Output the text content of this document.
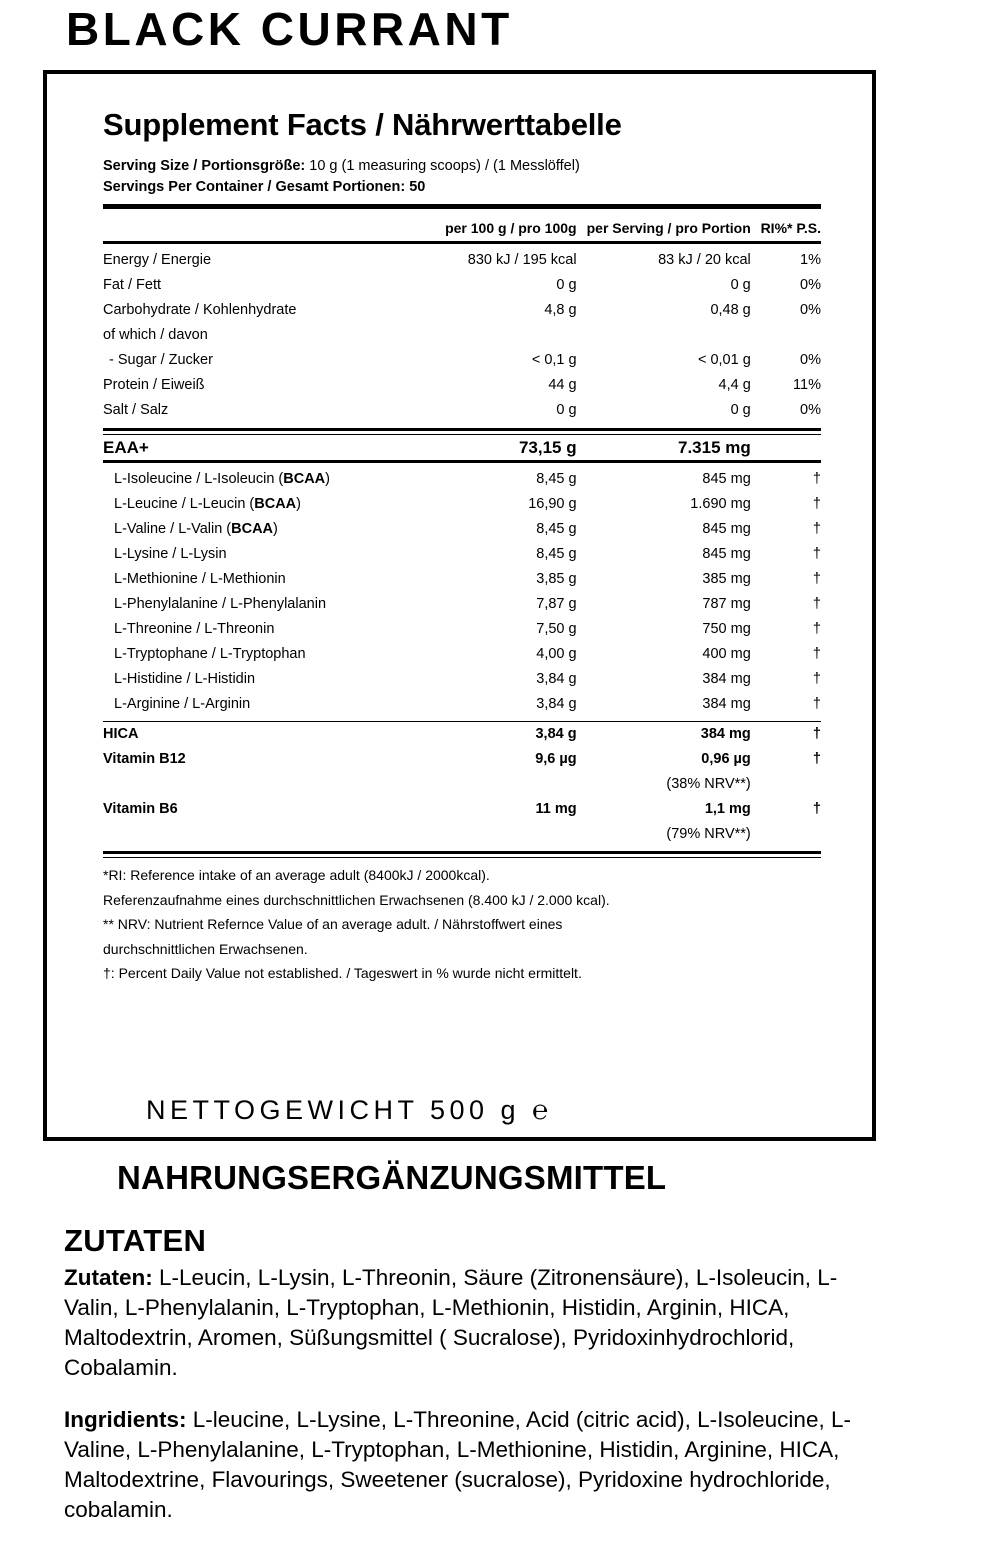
BLACK CURRANT
Supplement Facts / Nährwerttabelle
Serving Size / Portionsgröße: 10 g (1 measuring scoops) / (1 Messlöffel)
Servings Per Container / Gesamt Portionen: 50
	per 100 g / pro 100g	per Serving / pro Portion	RI%* P.S.

Energy / Energie	830 kJ / 195 kcal	83 kJ / 20 kcal	1%
Fat / Fett	0 g	0 g	0%
Carbohydrate / Kohlenhydrate	4,8 g	0,48 g	0%
of which / davon			
- Sugar / Zucker	< 0,1 g	< 0,01 g	0%
Protein / Eiweiß	44 g	4,4 g	11%
Salt / Salz	0 g	0 g	0%

EAA+	73,15 g	7.315 mg	

L-Isoleucine / L-Isoleucin (BCAA)	8,45 g	845 mg	†
L-Leucine / L-Leucin (BCAA)	16,90 g	1.690 mg	†
L-Valine / L-Valin (BCAA)	8,45 g	845 mg	†
L-Lysine / L-Lysin	8,45 g	845 mg	†
L-Methionine / L-Methionin	3,85 g	385 mg	†
L-Phenylalanine / L-Phenylalanin	7,87 g	787 mg	†
L-Threonine / L-Threonin	7,50 g	750 mg	†
L-Tryptophane / L-Tryptophan	4,00 g	400 mg	†
L-Histidine / L-Histidin	3,84 g	384 mg	†
L-Arginine / L-Arginin	3,84 g	384 mg	†

HICA	3,84 g	384 mg	†
Vitamin B12	9,6 µg	0,96 µg	†
		(38% NRV**)	
Vitamin B6	11 mg	1,1 mg	†
		(79% NRV**)	

*RI: Reference intake of an average adult (8400kJ / 2000kcal).
Referenzaufnahme eines durchschnittlichen Erwachsenen (8.400 kJ / 2.000 kcal).
** NRV: Nutrient Refernce Value of an average adult. / Nährstoffwert eines
durchschnittlichen Erwachsenen.
†: Percent Daily Value not established. / Tageswert in % wurde nicht ermittelt.
NETTOGEWICHT 500 g ℮
NAHRUNGSERGÄNZUNGSMITTEL
ZUTATEN
Zutaten: L-Leucin, L-Lysin, L-Threonin, Säure (Zitronensäure), L-Isoleucin, L-Valin, L-Phenylalanin, L-Tryptophan, L-Methionin, Histidin, Arginin, HICA, Maltodextrin, Aromen, Süßungsmittel ( Sucralose), Pyridoxinhydrochlorid, Cobalamin.
Ingridients: L-leucine, L-Lysine, L-Threonine, Acid (citric acid), L-Isoleucine, L-Valine, L-Phenylalanine, L-Tryptophan, L-Methionine, Histidin, Arginine, HICA, Maltodextrine, Flavourings, Sweetener (sucralose), Pyridoxine hydrochloride, cobalamin.
